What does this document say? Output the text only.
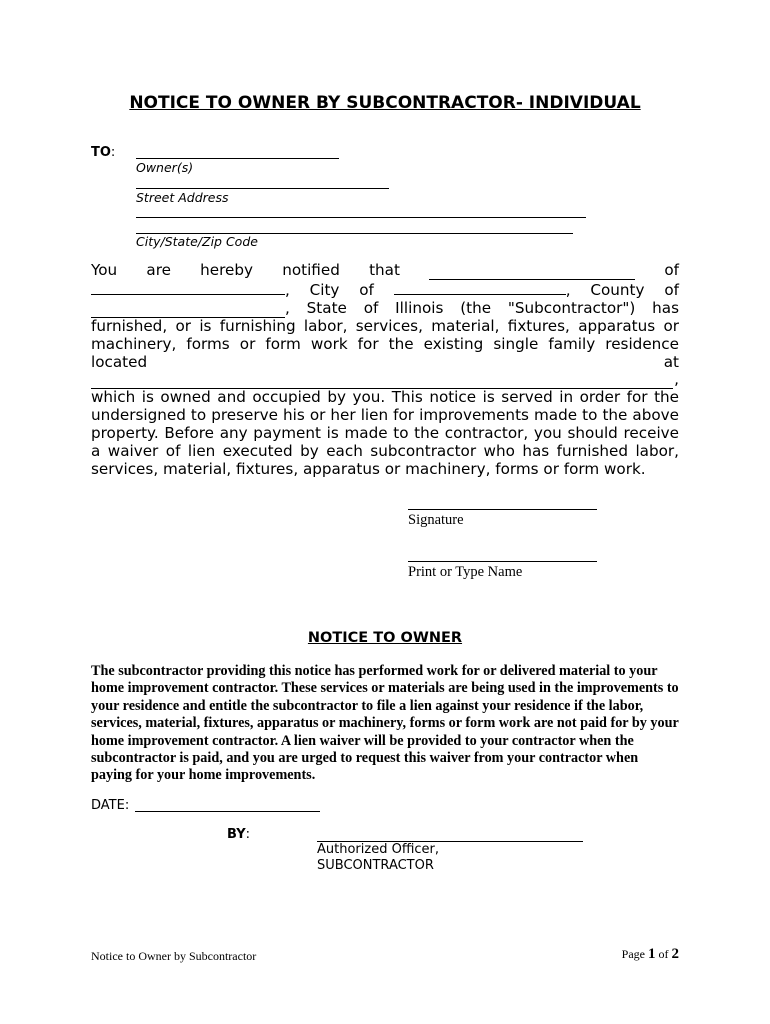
NOTICE TO OWNER BY SUBCONTRACTOR- INDIVIDUAL
TO:
Owner(s)
Street Address
City/State/Zip Code
You are hereby notified that	of
, City of	, County of
, State of Illinois (the "Subcontractor") has
furnished, or is furnishing labor, services, material, fixtures, apparatus or
machinery, forms or form work for the existing single family residence
located	at
,
which is owned and occupied by you. This notice is served in order for the undersigned to preserve his or her lien for improvements made to the above property. Before any payment is made to the contractor, you should receive a waiver of lien executed by each subcontractor who has furnished labor, services, material, fixtures, apparatus or machinery, forms or form work.
Signature
Print or Type Name
NOTICE TO OWNER
The subcontractor providing this notice has performed work for or delivered material to your home improvement contractor. These services or materials are being used in the improvements to your residence and entitle the subcontractor to file a lien against your residence if the labor, services, material, fixtures, apparatus or machinery, forms or form work are not paid for by your home improvement contractor. A lien waiver will be provided to your contractor when the subcontractor is paid, and you are urged to request this waiver from your contractor when paying for your home improvements.
DATE:
BY:
Authorized Officer,
SUBCONTRACTOR
Notice to Owner by Subcontractor	Page 1 of 2
